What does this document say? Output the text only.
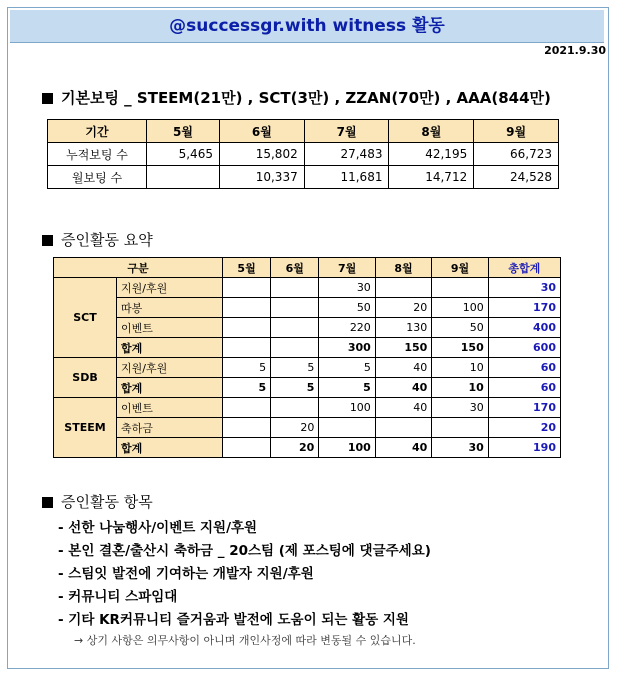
@successgr.with witness 활동
2021.9.30
기본보팅 _ STEEM(21만) , SCT(3만) , ZZAN(70만) , AAA(844만)
기간	5월	6월	7월	8월	9월
누적보팅 수	5,465	15,802	27,483	42,195	66,723
월보팅 수		10,337	11,681	14,712	24,528
증인활동 요약
구분		5월	6월	7월	8월	9월	총합계
SCT	지원/후원			30			30
	따봉			50	20	100	170
	이벤트			220	130	50	400
	합계			300	150	150	600
SDB	지원/후원	5	5	5	40	10	60
	합계	5	5	5	40	10	60
STEEM	이벤트			100	40	30	170
	축하금		20				20
	합계		20	100	40	30	190
증인활동 항목
- 선한 나눔행사/이벤트 지원/후원
- 본인 결혼/출산시 축하금 _ 20스팀 (제 포스팅에 댓글주세요)
- 스팀잇 발전에 기여하는 개발자 지원/후원
- 커뮤니티 스파임대
- 기타 KR커뮤니티 즐거움과 발전에 도움이 되는 활동 지원
→ 상기 사항은 의무사항이 아니며 개인사정에 따라 변동될 수 있습니다.
